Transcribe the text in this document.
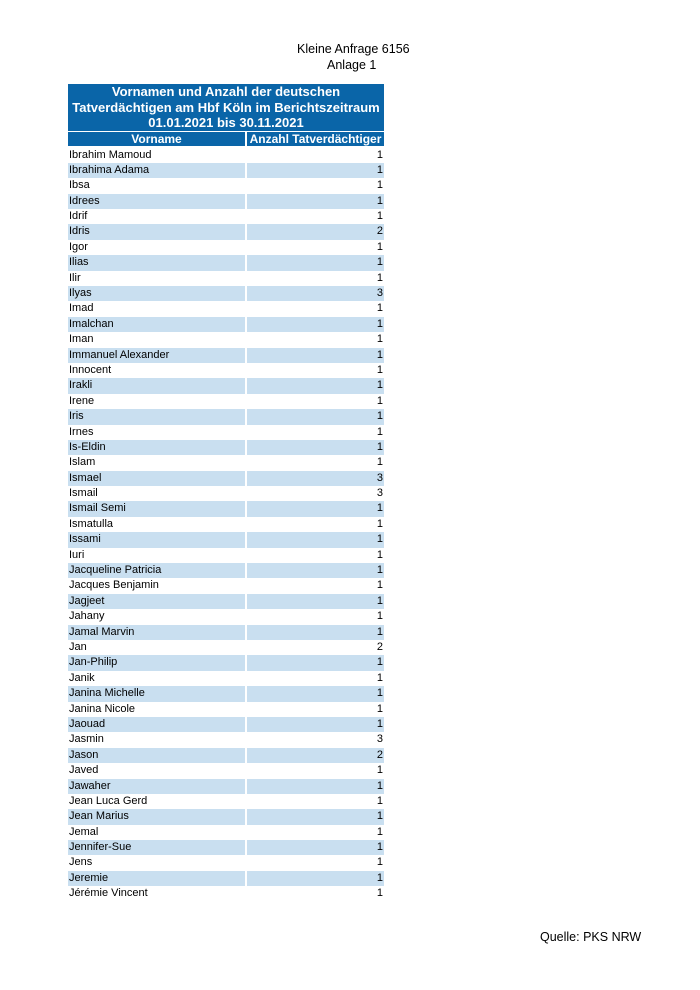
Kleine Anfrage 6156
Anlage 1
Vornamen und Anzahl der deutschen
Tatverdächtigen am Hbf Köln im Berichtszeitraum
01.01.2021 bis 30.11.2021
Vorname	Anzahl Tatverdächtiger
Ibrahim Mamoud	1
Ibrahima Adama	1
Ibsa	1
Idrees	1
Idrif	1
Idris	2
Igor	1
Ilias	1
Ilir	1
Ilyas	3
Imad	1
Imalchan	1
Iman	1
Immanuel Alexander	1
Innocent	1
Irakli	1
Irene	1
Iris	1
Irnes	1
Is-Eldin	1
Islam	1
Ismael	3
Ismail	3
Ismail Semi	1
Ismatulla	1
Issami	1
Iuri	1
Jacqueline Patricia	1
Jacques Benjamin	1
Jagjeet	1
Jahany	1
Jamal Marvin	1
Jan	2
Jan-Philip	1
Janik	1
Janina Michelle	1
Janina Nicole	1
Jaouad	1
Jasmin	3
Jason	2
Javed	1
Jawaher	1
Jean Luca Gerd	1
Jean Marius	1
Jemal	1
Jennifer-Sue	1
Jens	1
Jeremie	1
Jérémie Vincent	1
Quelle: PKS NRW
